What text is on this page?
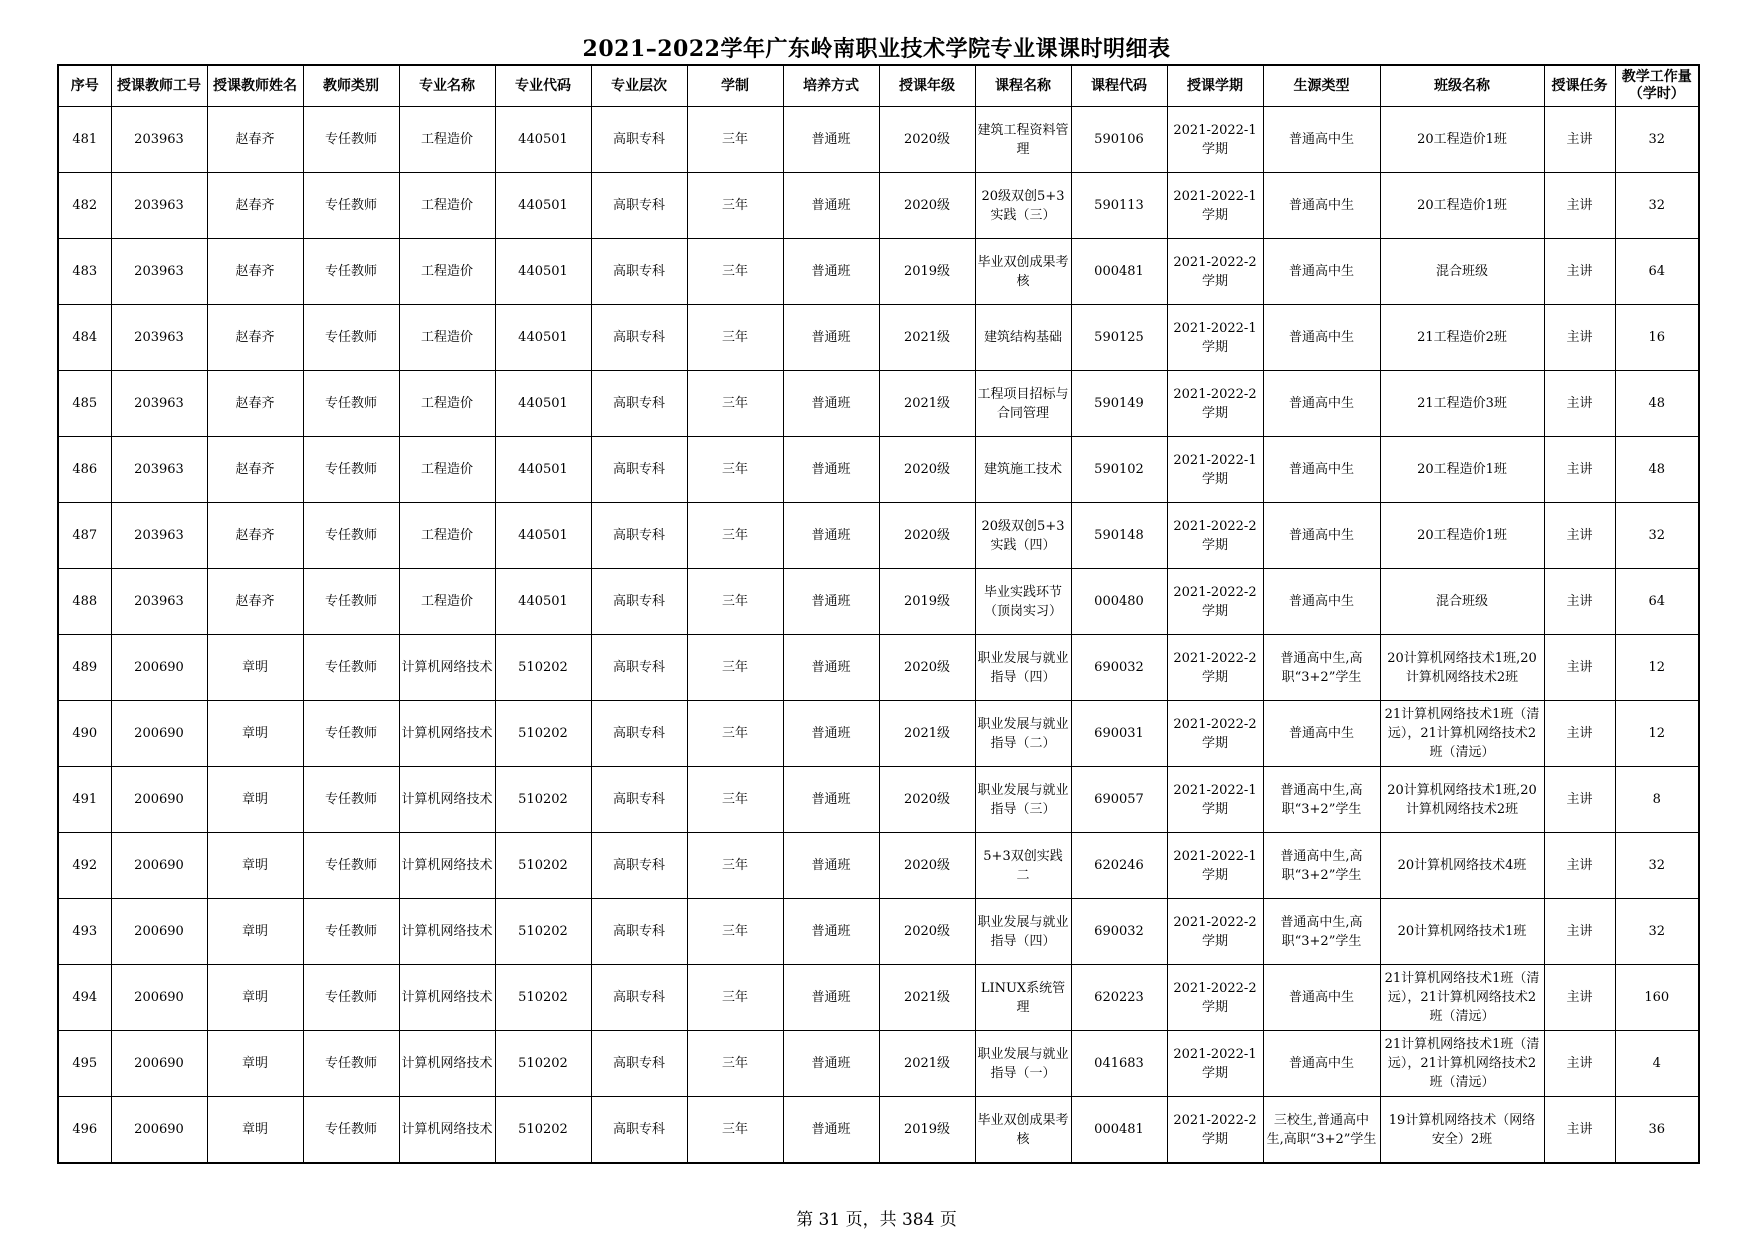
2021–2022学年广东岭南职业技术学院专业课课时明细表
序号	授课教师工号	授课教师姓名	教师类别	专业名称	专业代码	专业层次	学制	培养方式	授课年级	课程名称	课程代码	授课学期	生源类型	班级名称	授课任务	教学工作量（学时）
481	203963	赵春齐	专任教师	工程造价	440501	高职专科	三年	普通班	2020级	建筑工程资料管理	590106	2021-2022-1学期	普通高中生	20工程造价1班	主讲	32
482	203963	赵春齐	专任教师	工程造价	440501	高职专科	三年	普通班	2020级	20级双创5+3实践（三）	590113	2021-2022-1学期	普通高中生	20工程造价1班	主讲	32
483	203963	赵春齐	专任教师	工程造价	440501	高职专科	三年	普通班	2019级	毕业双创成果考核	000481	2021-2022-2学期	普通高中生	混合班级	主讲	64
484	203963	赵春齐	专任教师	工程造价	440501	高职专科	三年	普通班	2021级	建筑结构基础	590125	2021-2022-1学期	普通高中生	21工程造价2班	主讲	16
485	203963	赵春齐	专任教师	工程造价	440501	高职专科	三年	普通班	2021级	工程项目招标与合同管理	590149	2021-2022-2学期	普通高中生	21工程造价3班	主讲	48
486	203963	赵春齐	专任教师	工程造价	440501	高职专科	三年	普通班	2020级	建筑施工技术	590102	2021-2022-1学期	普通高中生	20工程造价1班	主讲	48
487	203963	赵春齐	专任教师	工程造价	440501	高职专科	三年	普通班	2020级	20级双创5+3实践（四）	590148	2021-2022-2学期	普通高中生	20工程造价1班	主讲	32
488	203963	赵春齐	专任教师	工程造价	440501	高职专科	三年	普通班	2019级	毕业实践环节（顶岗实习）	000480	2021-2022-2学期	普通高中生	混合班级	主讲	64
489	200690	章明	专任教师	计算机网络技术	510202	高职专科	三年	普通班	2020级	职业发展与就业指导（四）	690032	2021-2022-2学期	普通高中生,高职“3+2”学生	20计算机网络技术1班,20计算机网络技术2班	主讲	12
490	200690	章明	专任教师	计算机网络技术	510202	高职专科	三年	普通班	2021级	职业发展与就业指导（二）	690031	2021-2022-2学期	普通高中生	21计算机网络技术1班（清远），21计算机网络技术2班（清远）	主讲	12
491	200690	章明	专任教师	计算机网络技术	510202	高职专科	三年	普通班	2020级	职业发展与就业指导（三）	690057	2021-2022-1学期	普通高中生,高职“3+2”学生	20计算机网络技术1班,20计算机网络技术2班	主讲	8
492	200690	章明	专任教师	计算机网络技术	510202	高职专科	三年	普通班	2020级	5+3双创实践二	620246	2021-2022-1学期	普通高中生,高职“3+2”学生	20计算机网络技术4班	主讲	32
493	200690	章明	专任教师	计算机网络技术	510202	高职专科	三年	普通班	2020级	职业发展与就业指导（四）	690032	2021-2022-2学期	普通高中生,高职“3+2”学生	20计算机网络技术1班	主讲	32
494	200690	章明	专任教师	计算机网络技术	510202	高职专科	三年	普通班	2021级	LINUX系统管理	620223	2021-2022-2学期	普通高中生	21计算机网络技术1班（清远），21计算机网络技术2班（清远）	主讲	160
495	200690	章明	专任教师	计算机网络技术	510202	高职专科	三年	普通班	2021级	职业发展与就业指导（一）	041683	2021-2022-1学期	普通高中生	21计算机网络技术1班（清远），21计算机网络技术2班（清远）	主讲	4
496	200690	章明	专任教师	计算机网络技术	510202	高职专科	三年	普通班	2019级	毕业双创成果考核	000481	2021-2022-2学期	三校生,普通高中生,高职“3+2”学生	19计算机网络技术（网络安全）2班	主讲	36
第 31 页，共 384 页
